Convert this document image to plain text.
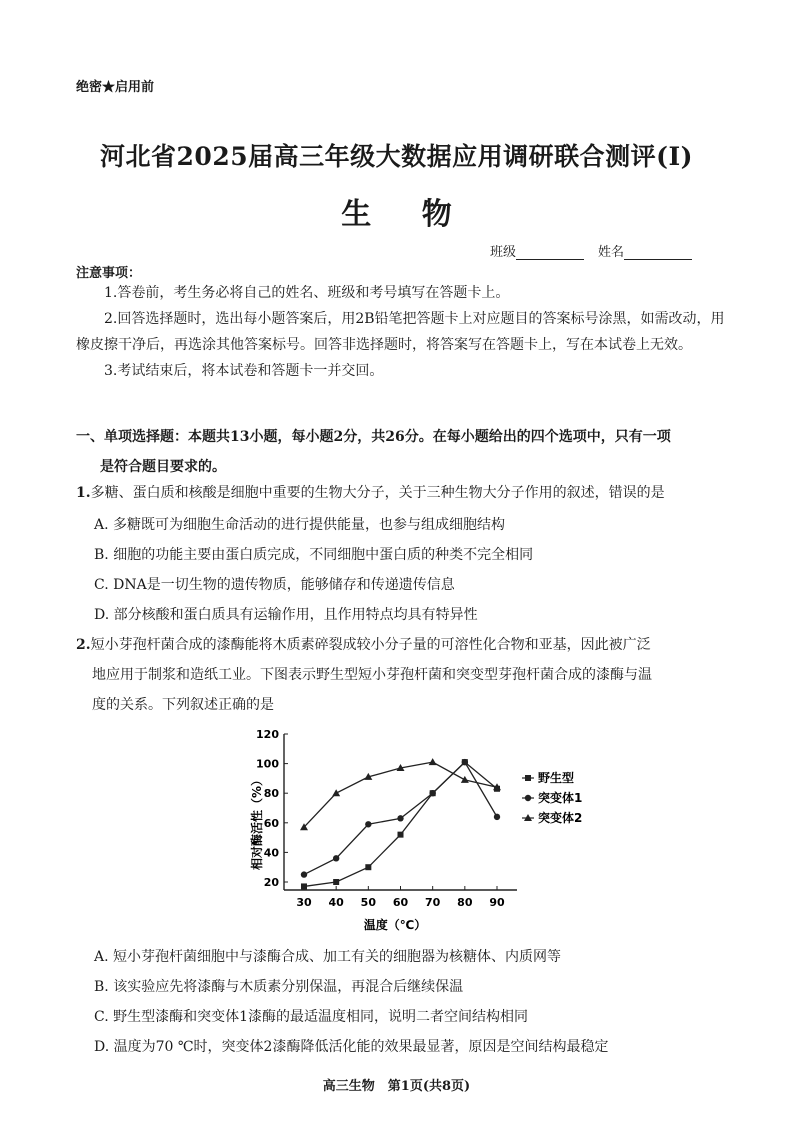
绝密★启用前
河北省2025届高三年级大数据应用调研联合测评(Ⅰ)
生 物
班级	姓名
注意事项：

1.答卷前，考生务必将自己的姓名、班级和考号填写在答题卡上。

2.回答选择题时，选出每小题答案后，用2B铅笔把答题卡上对应题目的答案标号涂黑，如需改动，用橡皮擦干净后，再选涂其他答案标号。回答非选择题时，将答案写在答题卡上，写在本试卷上无效。

3.考试结束后，将本试卷和答题卡一并交回。

一、单项选择题：本题共13小题，每小题2分，共26分。在每小题给出的四个选项中，只有一项
是符合题目要求的。
1.多糖、蛋白质和核酸是细胞中重要的生物大分子，关于三种生物大分子作用的叙述，错误的是
A. 多糖既可为细胞生命活动的进行提供能量，也参与组成细胞结构
B. 细胞的功能主要由蛋白质完成，不同细胞中蛋白质的种类不完全相同
C. DNA是一切生物的遗传物质，能够储存和传递遗传信息
D. 部分核酸和蛋白质具有运输作用，且作用特点均具有特异性
2.短小芽孢杆菌合成的漆酶能将木质素碎裂成较小分子量的可溶性化合物和亚基，因此被广泛
地应用于制浆和造纸工业。下图表示野生型短小芽孢杆菌和突变型芽孢杆菌合成的漆酶与温
度的关系。下列叙述正确的是
20
40
60
80
100
120
30 40 50 60 70 80 90
野生型
突变体1
突变体2
相对酶活性（%）
温度（℃）
A. 短小芽孢杆菌细胞中与漆酶合成、加工有关的细胞器为核糖体、内质网等
B. 该实验应先将漆酶与木质素分别保温，再混合后继续保温
C. 野生型漆酶和突变体1漆酶的最适温度相同，说明二者空间结构相同
D. 温度为70 ℃时，突变体2漆酶降低活化能的效果最显著，原因是空间结构最稳定
高三生物　第1页(共8页)
